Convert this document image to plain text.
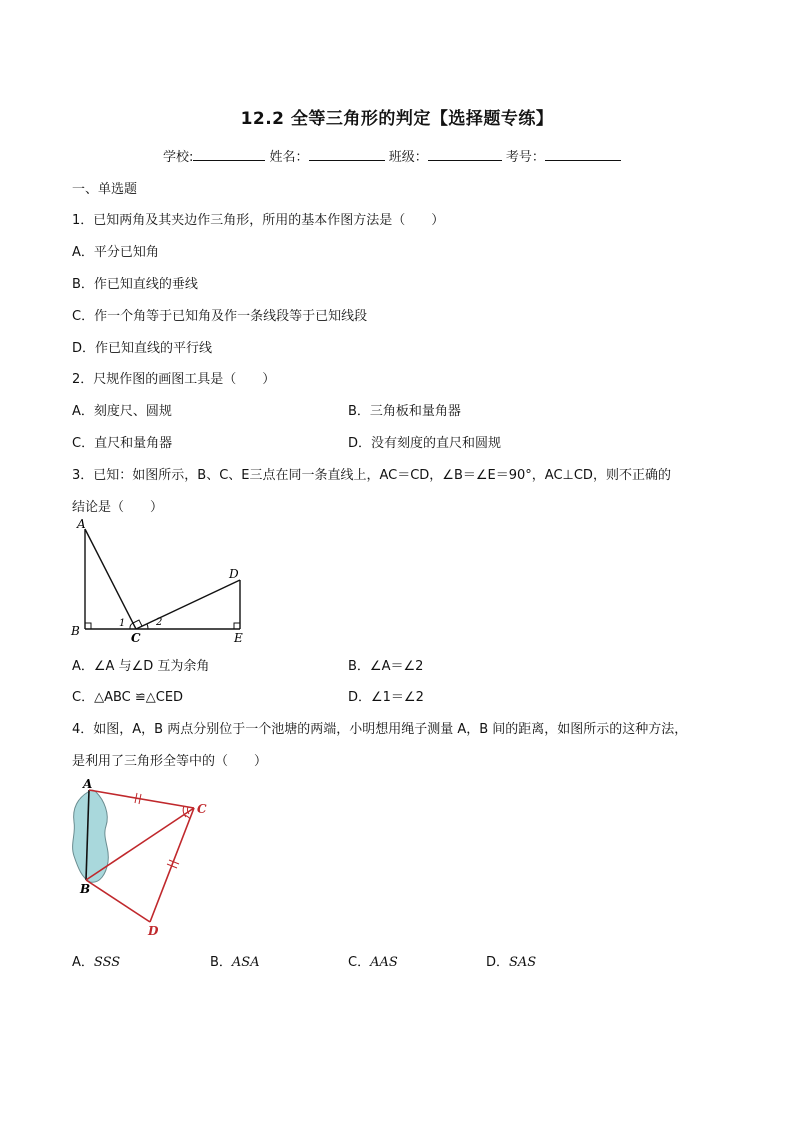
12.2 全等三角形的判定【选择题专练】
学校:	姓名：	班级：	考号：
一、单选题
1．已知两角及其夹边作三角形，所用的基本作图方法是（　　）
A．平分已知角
B．作已知直线的垂线
C．作一个角等于已知角及作一条线段等于已知线段
D．作已知直线的平行线
2．尺规作图的画图工具是（　　）
A．刻度尺、圆规	B．三角板和量角器
C．直尺和量角器	D．没有刻度的直尺和圆规
3．已知：如图所示，B、C、E三点在同一条直线上，AC＝CD，∠B＝∠E＝90°，AC⊥CD，则不正确的
结论是（　　）
A
B	C
D
E
1	2
A．∠A 与∠D 互为余角	B．∠A＝∠2
C．△ABC ≌△CED	D．∠1＝∠2
4．如图，A，B 两点分别位于一个池塘的两端，小明想用绳子测量 A，B 间的距离，如图所示的这种方法，
是利用了三角形全等中的（　　）
A
B
C
D
A．SSS	B．ASA	C．AAS	D．SAS
